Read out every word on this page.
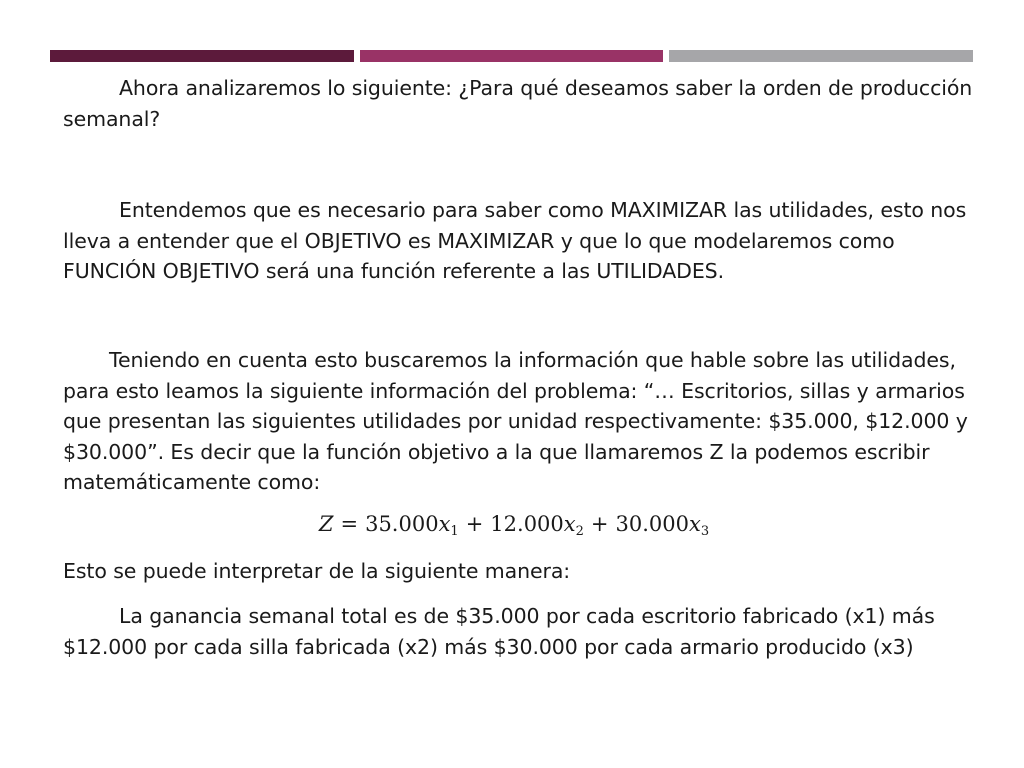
Ahora analizaremos lo siguiente: ¿Para qué deseamos saber la orden de producción semanal?

Entendemos que es necesario para saber como MAXIMIZAR las utilidades, esto nos lleva a entender que el OBJETIVO es MAXIMIZAR y que lo que modelaremos como FUNCIÓN OBJETIVO será una función referente a las UTILIDADES.

Teniendo en cuenta esto buscaremos la información que hable sobre las utilidades, para esto leamos la siguiente información del problema: “… Escritorios, sillas y armarios que presentan las siguientes utilidades por unidad respectivamente: $35.000, $12.000 y $30.000”. Es decir que la función objetivo a la que llamaremos Z la podemos escribir matemáticamente como:

$Z = 35.000x_1 + 12.000x_2 + 30.000x_3$

Esto se puede interpretar de la siguiente manera:

La ganancia semanal total es de $35.000 por cada escritorio fabricado (x1) más $12.000 por cada silla fabricada (x2) más $30.000 por cada armario producido (x3)
